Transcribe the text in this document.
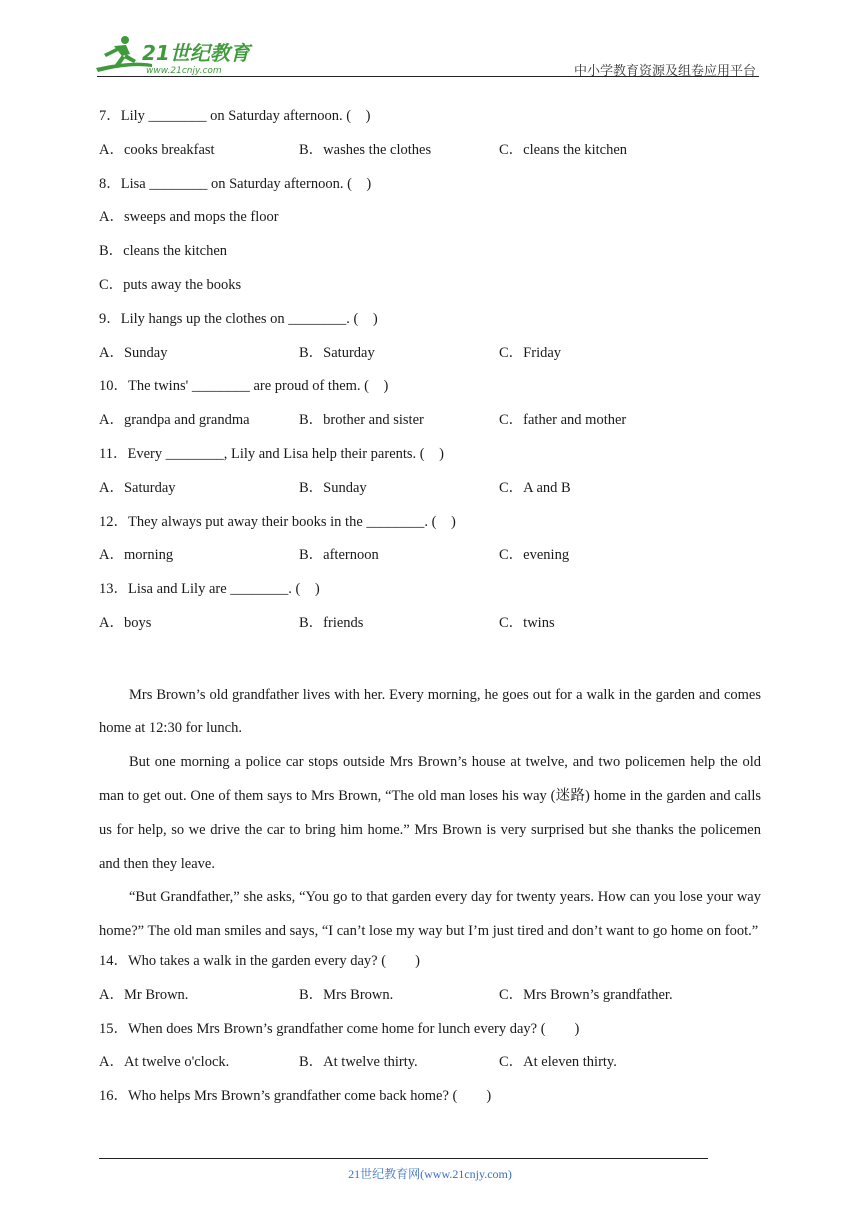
21世纪教育
www.21cnjy.com	中小学教育资源及组卷应用平台
7．Lily ________ on Saturday afternoon. (　)
A．cooks breakfast	B．washes the clothes	C．cleans the kitchen
8．Lisa ________ on Saturday afternoon. (　)
A．sweeps and mops the floor
B．cleans the kitchen
C．puts away the books
9．Lily hangs up the clothes on ________. (　)
A．Sunday	B．Saturday	C．Friday
10．The twins' ________ are proud of them. (　)
A．grandpa and grandma	B．brother and sister	C．father and mother
11．Every ________, Lily and Lisa help their parents. (　)
A．Saturday	B．Sunday	C．A and B
12．They always put away their books in the ________. (　)
A．morning	B．afternoon	C．evening
13．Lisa and Lily are ________. (　)
A．boys	B．friends	C．twins

Mrs Brown’s old grandfather lives with her. Every morning, he goes out for a walk in the garden and comes home at 12:30 for lunch.

But one morning a police car stops outside Mrs Brown’s house at twelve, and two policemen help the old man to get out. One of them says to Mrs Brown, “The old man loses his way (迷路) home in the garden and calls us for help, so we drive the car to bring him home.” Mrs Brown is very surprised but she thanks the policemen and then they leave.

“But Grandfather,” she asks, “You go to that garden every day for twenty years. How can you lose your way home?” The old man smiles and says, “I can’t lose my way but I’m just tired and don’t want to go home on foot.”

14．Who takes a walk in the garden every day? (　　)
A．Mr Brown.	B．Mrs Brown.	C．Mrs Brown’s grandfather.
15．When does Mrs Brown’s grandfather come home for lunch every day? (　　)
A．At twelve o'clock.	B．At twelve thirty.	C．At eleven thirty.
16．Who helps Mrs Brown’s grandfather come back home? (　　)
21世纪教育网(www.21cnjy.com)
